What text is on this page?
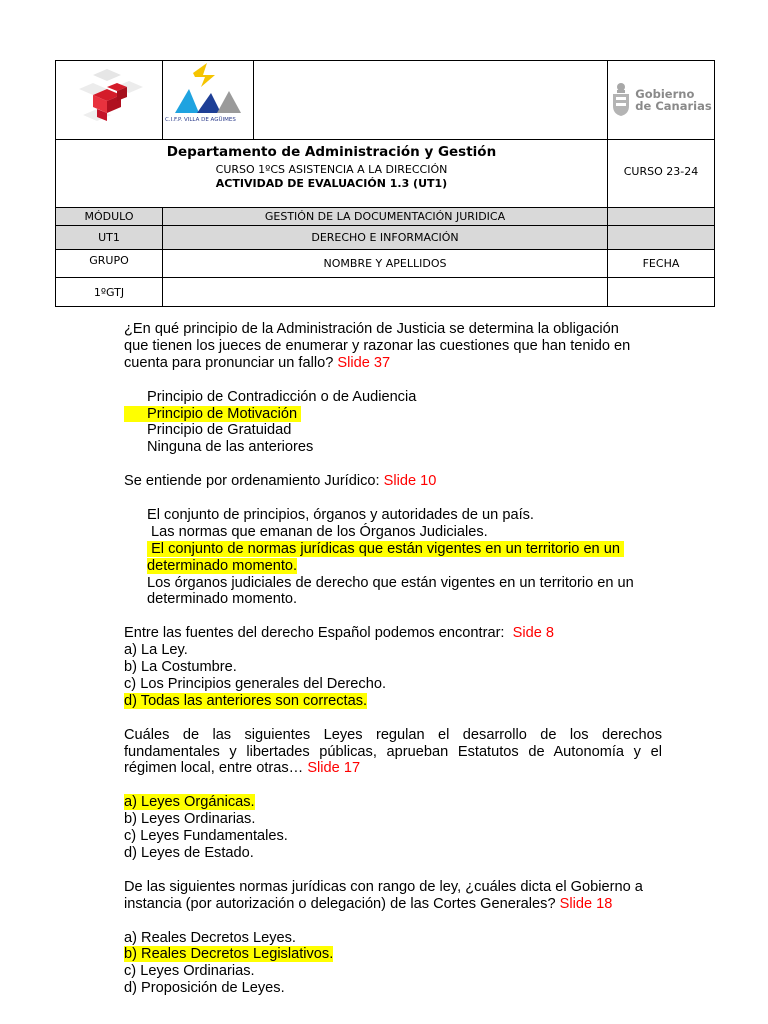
C.I.F.P. VILLA DE AGÜIMES		Gobierno
de Canarias

Departamento de Administración y Gestión
CURSO 1ºCS ASISTENCIA A LA DIRECCIÓN
ACTIVIDAD DE EVALUACIÓN 1.3 (UT1)			CURSO 23-24
MÓDULO	GESTIÓN DE LA DOCUMENTACIÓN JURIDICA		
UT1	DERECHO E INFORMACIÓN		
GRUPO	NOMBRE Y APELLIDOS		FECHA
1ºGTJ			

¿En qué principio de la Administración de Justicia se determina la obligación

que tienen los jueces de enumerar y razonar las cuestiones que han tenido en

cuenta para pronunciar un fallo? Slide 37

Principio de Contradicción o de Audiencia

Principio de Motivación

Principio de Gratuidad

Ninguna de las anteriores

Se entiende por ordenamiento Jurídico: Slide 10

El conjunto de principios, órganos y autoridades de un país.

Las normas que emanan de los Órganos Judiciales.

El conjunto de normas jurídicas que están vigentes en un territorio en un determinado momento.

Los órganos judiciales de derecho que están vigentes en un territorio en un determinado momento.

Entre las fuentes del derecho Español podemos encontrar: Side 8

a) La Ley.

b) La Costumbre.

c) Los Principios generales del Derecho.

d) Todas las anteriores son correctas.

Cuáles de las siguientes Leyes regulan el desarrollo de los derechos fundamentales y libertades públicas, aprueban Estatutos de Autonomía y el régimen local, entre otras… Slide 17

a) Leyes Orgánicas.

b) Leyes Ordinarias.

c) Leyes Fundamentales.

d) Leyes de Estado.

De las siguientes normas jurídicas con rango de ley, ¿cuáles dicta el Gobierno a instancia (por autorización o delegación) de las Cortes Generales? Slide 18

a) Reales Decretos Leyes.

b) Reales Decretos Legislativos.

c) Leyes Ordinarias.

d) Proposición de Leyes.
